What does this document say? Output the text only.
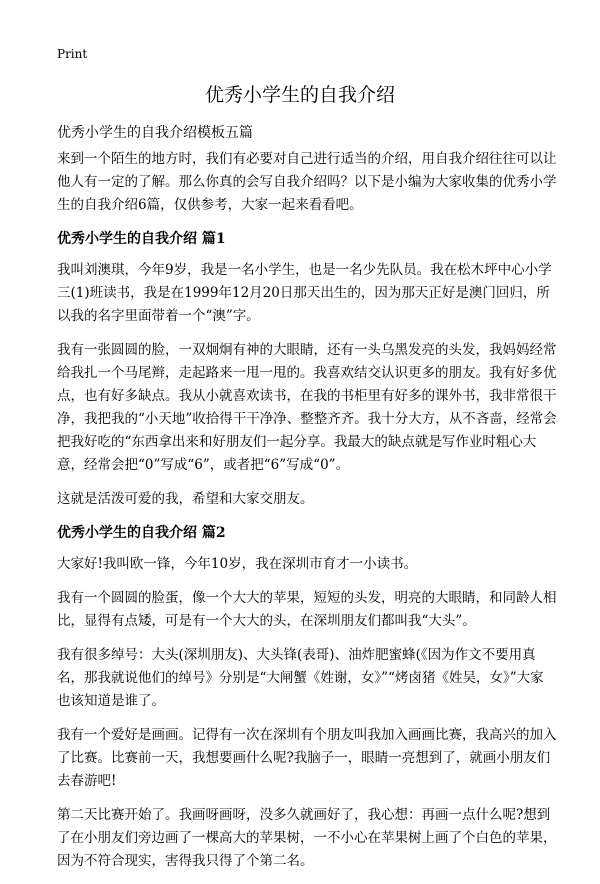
Print
优秀小学生的自我介绍

优秀小学生的自我介绍模板五篇

来到一个陌生的地方时，我们有必要对自己进行适当的介绍，用自我介绍往往可以让他人有一定的了解。那么你真的会写自我介绍吗？以下是小编为大家收集的优秀小学生的自我介绍6篇，仅供参考，大家一起来看看吧。

优秀小学生的自我介绍 篇1

我叫刘澳琪，今年9岁，我是一名小学生，也是一名少先队员。我在松木坪中心小学三(1)班读书，我是在1999年12月20日那天出生的，因为那天正好是澳门回归，所以我的名字里面带着一个“澳”字。

我有一张圆圆的脸，一双炯炯有神的大眼睛，还有一头乌黑发亮的头发，我妈妈经常给我扎一个马尾辫，走起路来一甩一甩的。我喜欢结交认识更多的朋友。我有好多优点，也有好多缺点。我从小就喜欢读书，在我的书柜里有好多的课外书，我非常很干净，我把我的“小天地”收拾得干干净净、整整齐齐。我十分大方，从不吝啬，经常会把我好吃的“东西拿出来和好朋友们一起分享。我最大的缺点就是写作业时粗心大意，经常会把“0”写成“6”，或者把“6”写成“0”。

这就是活泼可爱的我，希望和大家交朋友。

优秀小学生的自我介绍 篇2

大家好!我叫欧一锋，今年10岁，我在深圳市育才一小读书。

我有一个圆圆的脸蛋，像一个大大的苹果，短短的头发，明亮的大眼睛，和同龄人相比，显得有点矮，可是有一个大大的头，在深圳朋友们都叫我“大头”。

我有很多绰号：大头(深圳朋友)、大头锋(表哥)、油炸肥蜜蜂(《因为作文不要用真名，那我就说他们的绰号》分别是“大闸蟹《姓谢，女》”“烤卤猪《姓吴，女》”大家也该知道是谁了。

我有一个爱好是画画。记得有一次在深圳有个朋友叫我加入画画比赛，我高兴的加入了比赛。比赛前一天，我想要画什么呢?我脑子一，眼睛一亮想到了，就画小朋友们去春游吧!

第二天比赛开始了。我画呀画呀，没多久就画好了，我心想：再画一点什么呢?想到了在小朋友们旁边画了一棵高大的苹果树，一不小心在苹果树上画了个白色的苹果，因为不符合现实，害得我只得了个第二名。
